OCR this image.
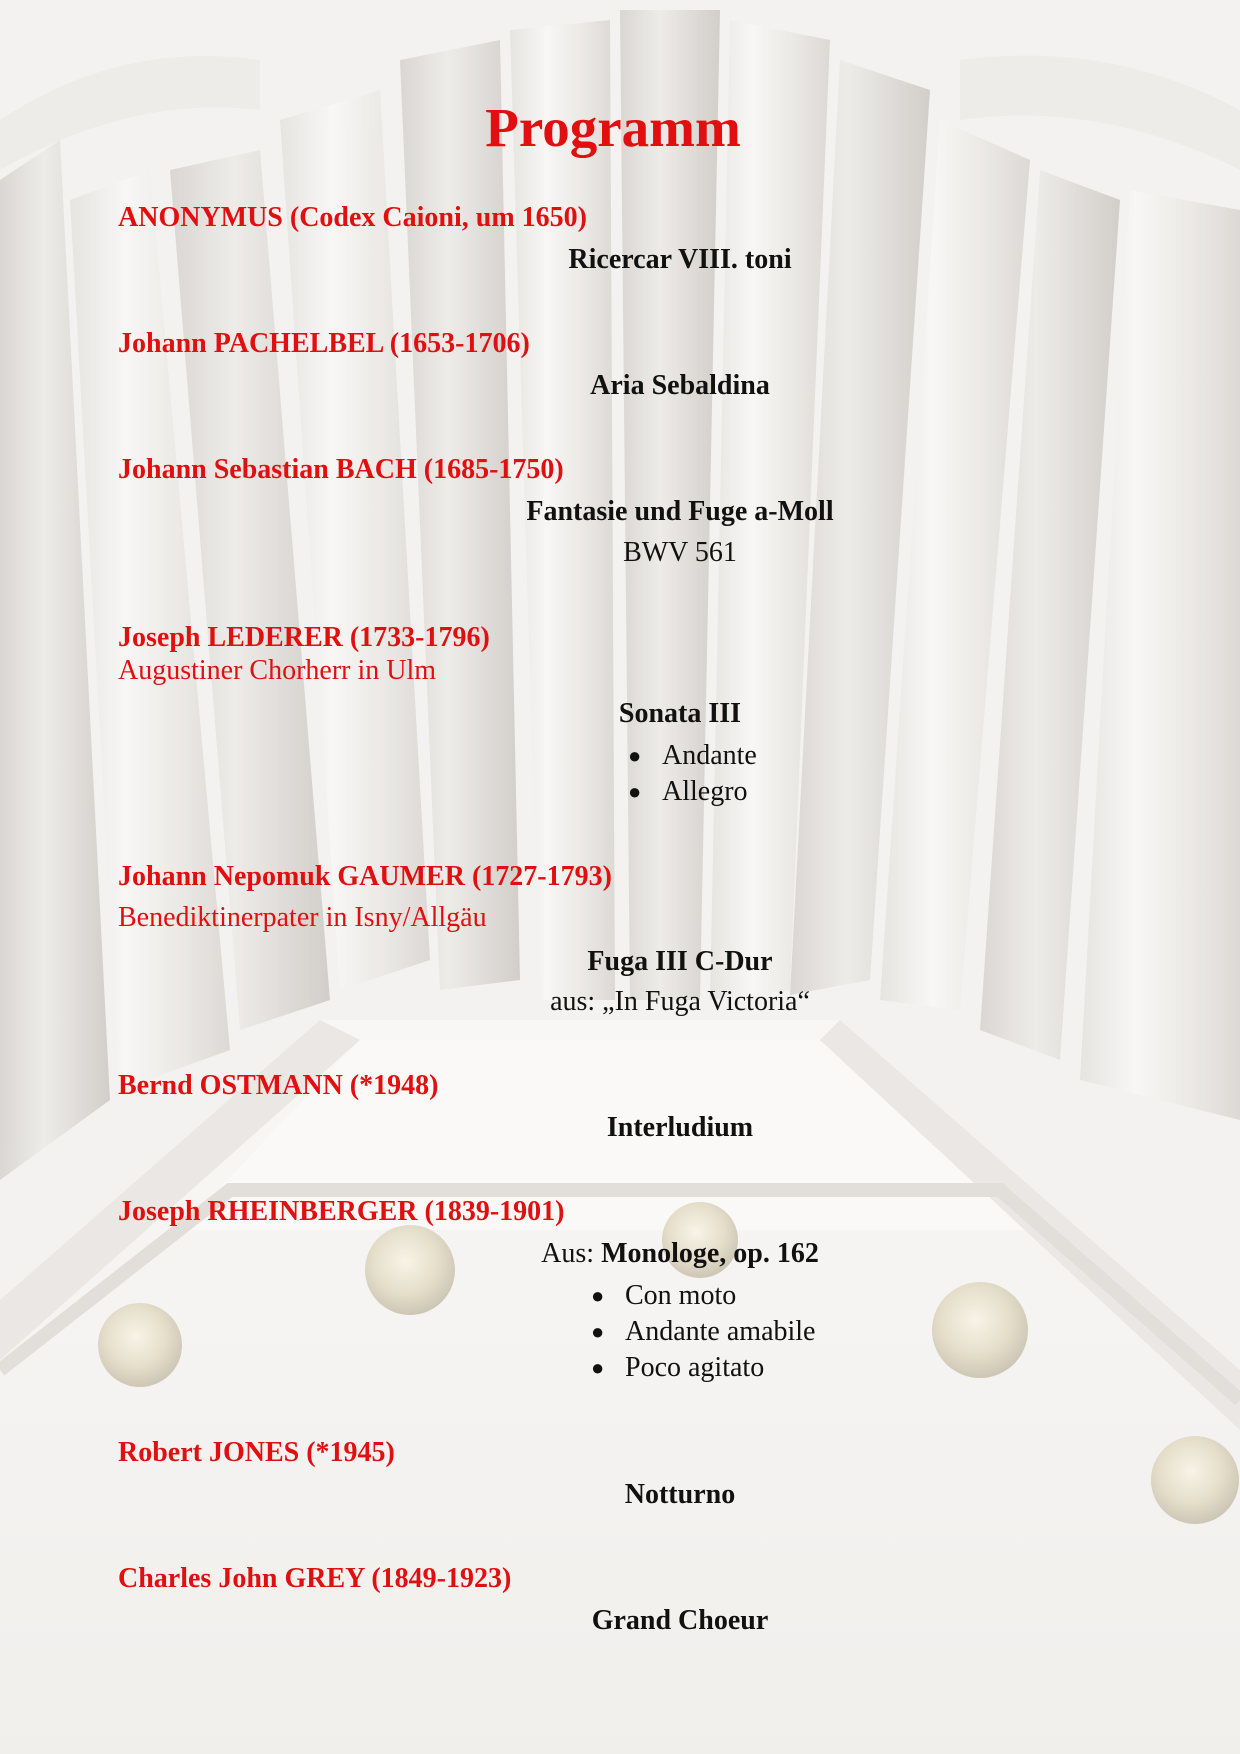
Programm

ANONYMUS (Codex Caioni, um 1650)

Ricercar VIII. toni

Johann PACHELBEL (1653-1706)

Aria Sebaldina

Johann Sebastian BACH (1685-1750)

Fantasie und Fuge a-Moll

BWV 561

Joseph LEDERER (1733-1796)

Augustiner Chorherr in Ulm

Sonata III

● Andante
● Allegro

Johann Nepomuk GAUMER (1727-1793)

Benediktinerpater in Isny/Allgäu

Fuga III C-Dur

aus: „In Fuga Victoria“

Bernd OSTMANN (*1948)

Interludium

Joseph RHEINBERGER (1839-1901)

Aus: Monologe, op. 162

● Con moto
● Andante amabile
● Poco agitato

Robert JONES (*1945)

Notturno

Charles John GREY (1849-1923)

Grand Choeur
